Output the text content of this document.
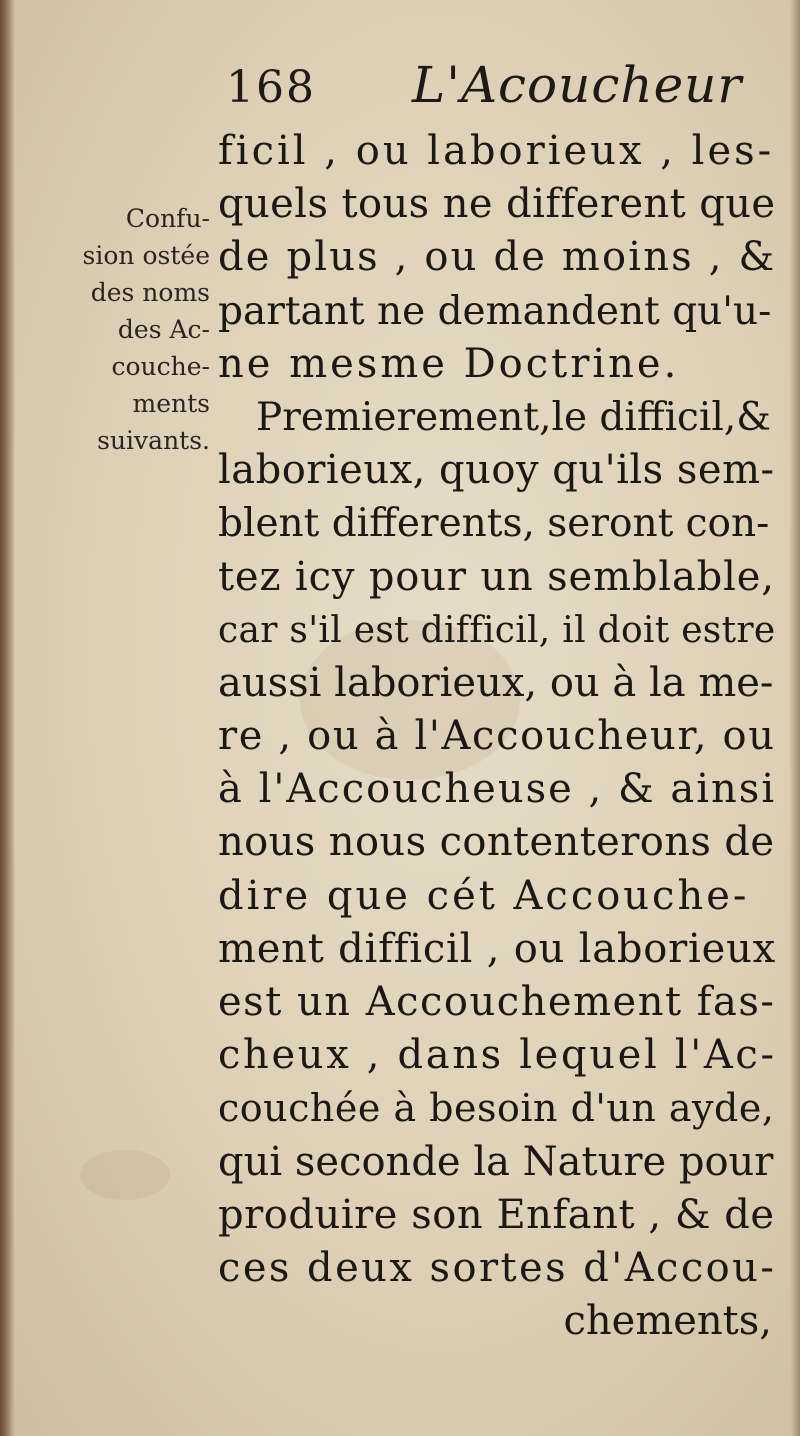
168 L'Acoucheur
Confu-
sion ostée
des noms
des Ac-
couche-
ments
suivants.
ficil , ou laborieux , les-
quels tous ne different que
de plus , ou de moins , &
partant ne demandent qu'u-
ne mesme Doctrine.
Premierement,le difficil,&
laborieux, quoy qu'ils sem-
blent differents, seront con-
tez icy pour un semblable,
car s'il est difficil, il doit estre
aussi laborieux, ou à la me-
re , ou à l'Accoucheur, ou
à l'Accoucheuse , & ainsi
nous nous contenterons de
dire que cét Accouche-
ment difficil , ou laborieux
est un Accouchement fas-
cheux , dans lequel l'Ac-
couchée à besoin d'un ayde,
qui seconde la Nature pour
produire son Enfant , & de
ces deux sortes d'Accou-
chements,
